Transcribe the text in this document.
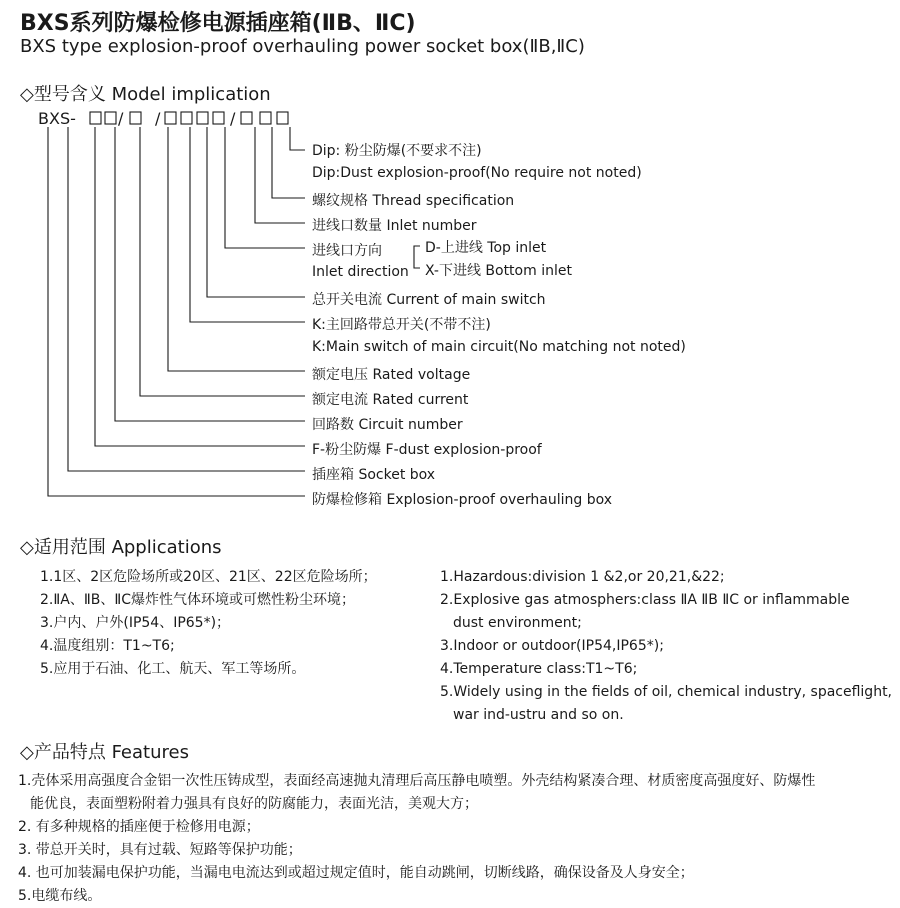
BXS系列防爆检修电源插座箱(ⅡB、ⅡC)
BXS type explosion-proof overhauling power socket box(ⅡB,ⅡC)
◇型号含义 Model implication
BXS-	/ /	/
Dip: 粉尘防爆(不要求不注)
Dip:Dust explosion-proof(No require not noted)
螺纹规格 Thread specification
进线口数量 Inlet number
进线口方向
Inlet direction
D-上进线 Top inlet
X-下进线 Bottom inlet
总开关电流 Current of main switch
K:主回路带总开关(不带不注)
K:Main switch of main circuit(No matching not noted)
额定电压 Rated voltage
额定电流 Rated current
回路数 Circuit number
F-粉尘防爆 F-dust explosion-proof
插座箱 Socket box
防爆检修箱 Explosion-proof overhauling box
◇适用范围 Applications
1.1区、2区危险场所或20区、21区、22区危险场所；
2.ⅡA、ⅡB、ⅡC爆炸性气体环境或可燃性粉尘环境；
3.户内、户外(IP54、IP65*)；
4.温度组别：T1~T6;
5.应用于石油、化工、航天、军工等场所。
1.Hazardous:division 1 &2,or 20,21,&22;
2.Explosive gas atmosphers:class ⅡA ⅡB ⅡC or inflammable
dust environment;
3.Indoor or outdoor(IP54,IP65*);
4.Temperature class:T1~T6;
5.Widely using in the fields of oil, chemical industry, spaceflight,
war ind-ustru and so on.
◇产品特点 Features
1.壳体采用高强度合金铝一次性压铸成型，表面经高速抛丸清理后高压静电喷塑。外壳结构紧凑合理、材质密度高强度好、防爆性
能优良，表面塑粉附着力强具有良好的防腐能力，表面光洁，美观大方；
2. 有多种规格的插座便于检修用电源；
3. 带总开关时，具有过载、短路等保护功能；
4. 也可加装漏电保护功能，当漏电电流达到或超过规定值时，能自动跳闸，切断线路，确保设备及人身安全；
5.电缆布线。
